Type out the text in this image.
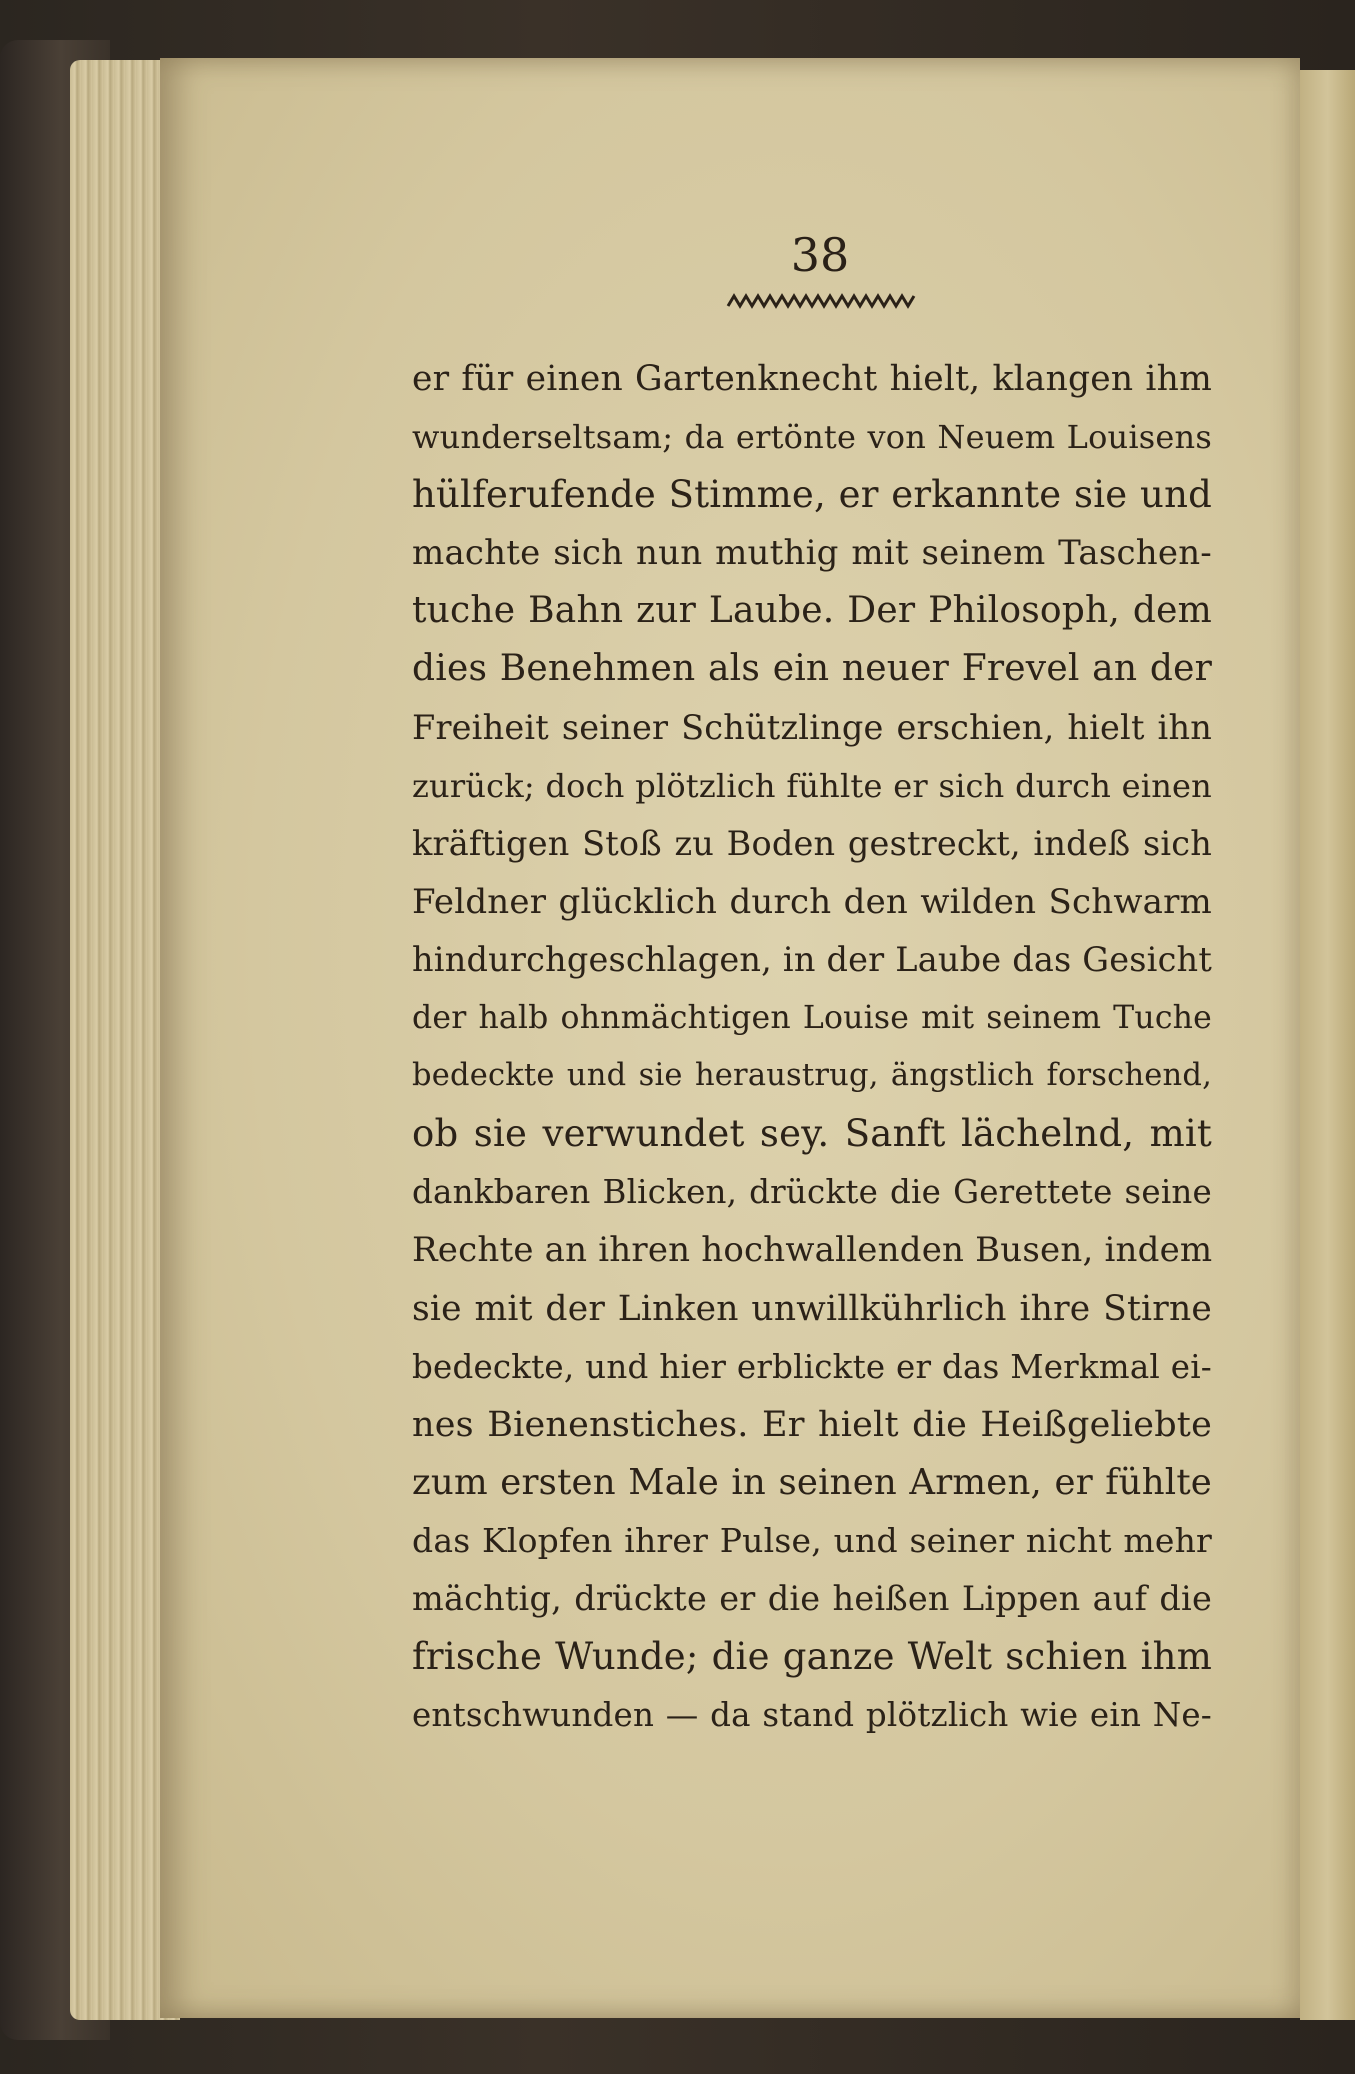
38
er für einen Gartenknecht hielt, klangen ihm
wunderseltsam; da ertönte von Neuem Louisens
hülferufende Stimme, er erkannte sie und
machte sich nun muthig mit seinem Taschen-
tuche Bahn zur Laube. Der Philosoph, dem
dies Benehmen als ein neuer Frevel an der
Freiheit seiner Schützlinge erschien, hielt ihn
zurück; doch plötzlich fühlte er sich durch einen
kräftigen Stoß zu Boden gestreckt, indeß sich
Feldner glücklich durch den wilden Schwarm
hindurchgeschlagen, in der Laube das Gesicht
der halb ohnmächtigen Louise mit seinem Tuche
bedeckte und sie heraustrug, ängstlich forschend,
ob sie verwundet sey. Sanft lächelnd, mit
dankbaren Blicken, drückte die Gerettete seine
Rechte an ihren hochwallenden Busen, indem
sie mit der Linken unwillkührlich ihre Stirne
bedeckte, und hier erblickte er das Merkmal ei-
nes Bienenstiches. Er hielt die Heißgeliebte
zum ersten Male in seinen Armen, er fühlte
das Klopfen ihrer Pulse, und seiner nicht mehr
mächtig, drückte er die heißen Lippen auf die
frische Wunde; die ganze Welt schien ihm
entschwunden — da stand plötzlich wie ein Ne-
